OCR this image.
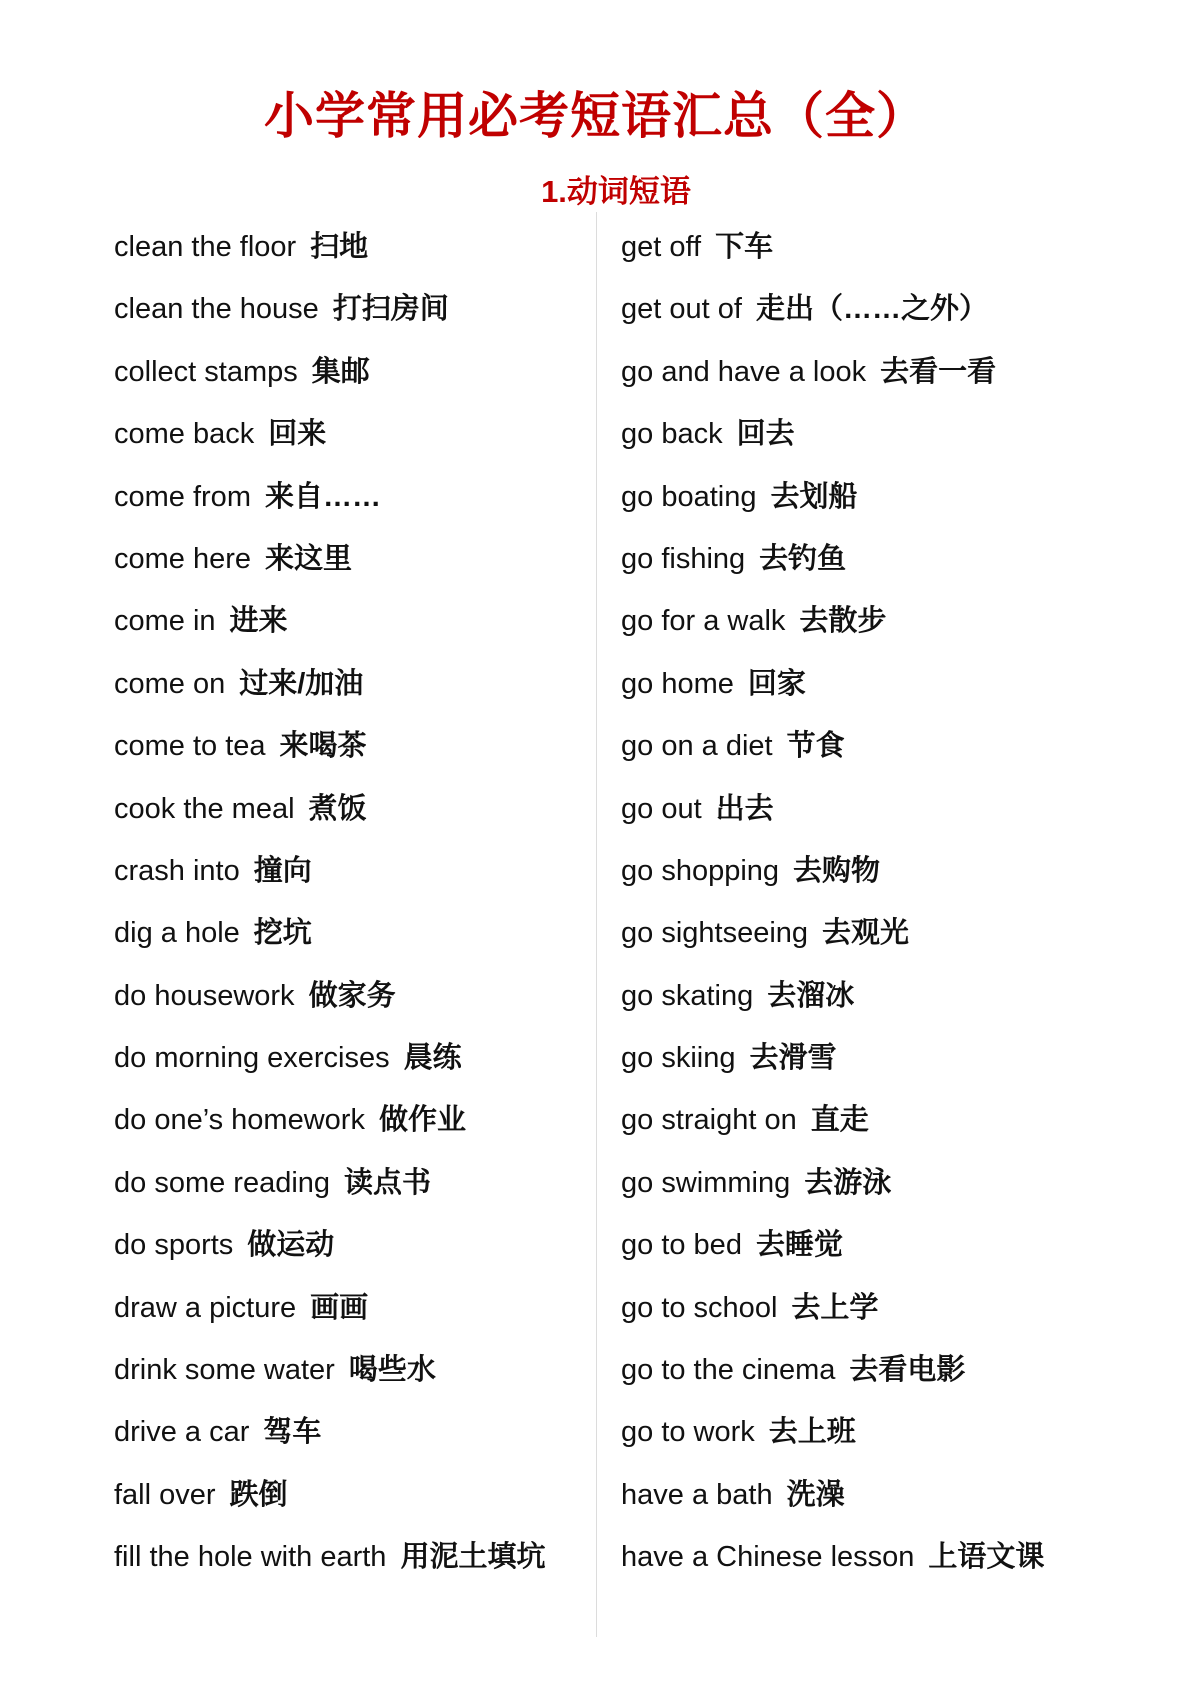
小学常用必考短语汇总（全）
1.动词短语
clean the floor 扫地
clean the house 打扫房间
collect stamps 集邮
come back 回来
come from 来自……
come here 来这里
come in 进来
come on 过来/加油
come to tea 来喝茶
cook the meal 煮饭
crash into 撞向
dig a hole 挖坑
do housework 做家务
do morning exercises 晨练
do one’s homework 做作业
do some reading 读点书
do sports 做运动
draw a picture 画画
drink some water 喝些水
drive a car 驾车
fall over 跌倒
fill the hole with earth 用泥土填坑
get off 下车
get out of 走出（……之外）
go and have a look 去看一看
go back 回去
go boating 去划船
go fishing 去钓鱼
go for a walk 去散步
go home 回家
go on a diet 节食
go out 出去
go shopping 去购物
go sightseeing 去观光
go skating 去溜冰
go skiing 去滑雪
go straight on 直走
go swimming 去游泳
go to bed 去睡觉
go to school 去上学
go to the cinema 去看电影
go to work 去上班
have a bath 洗澡
have a Chinese lesson 上语文课
